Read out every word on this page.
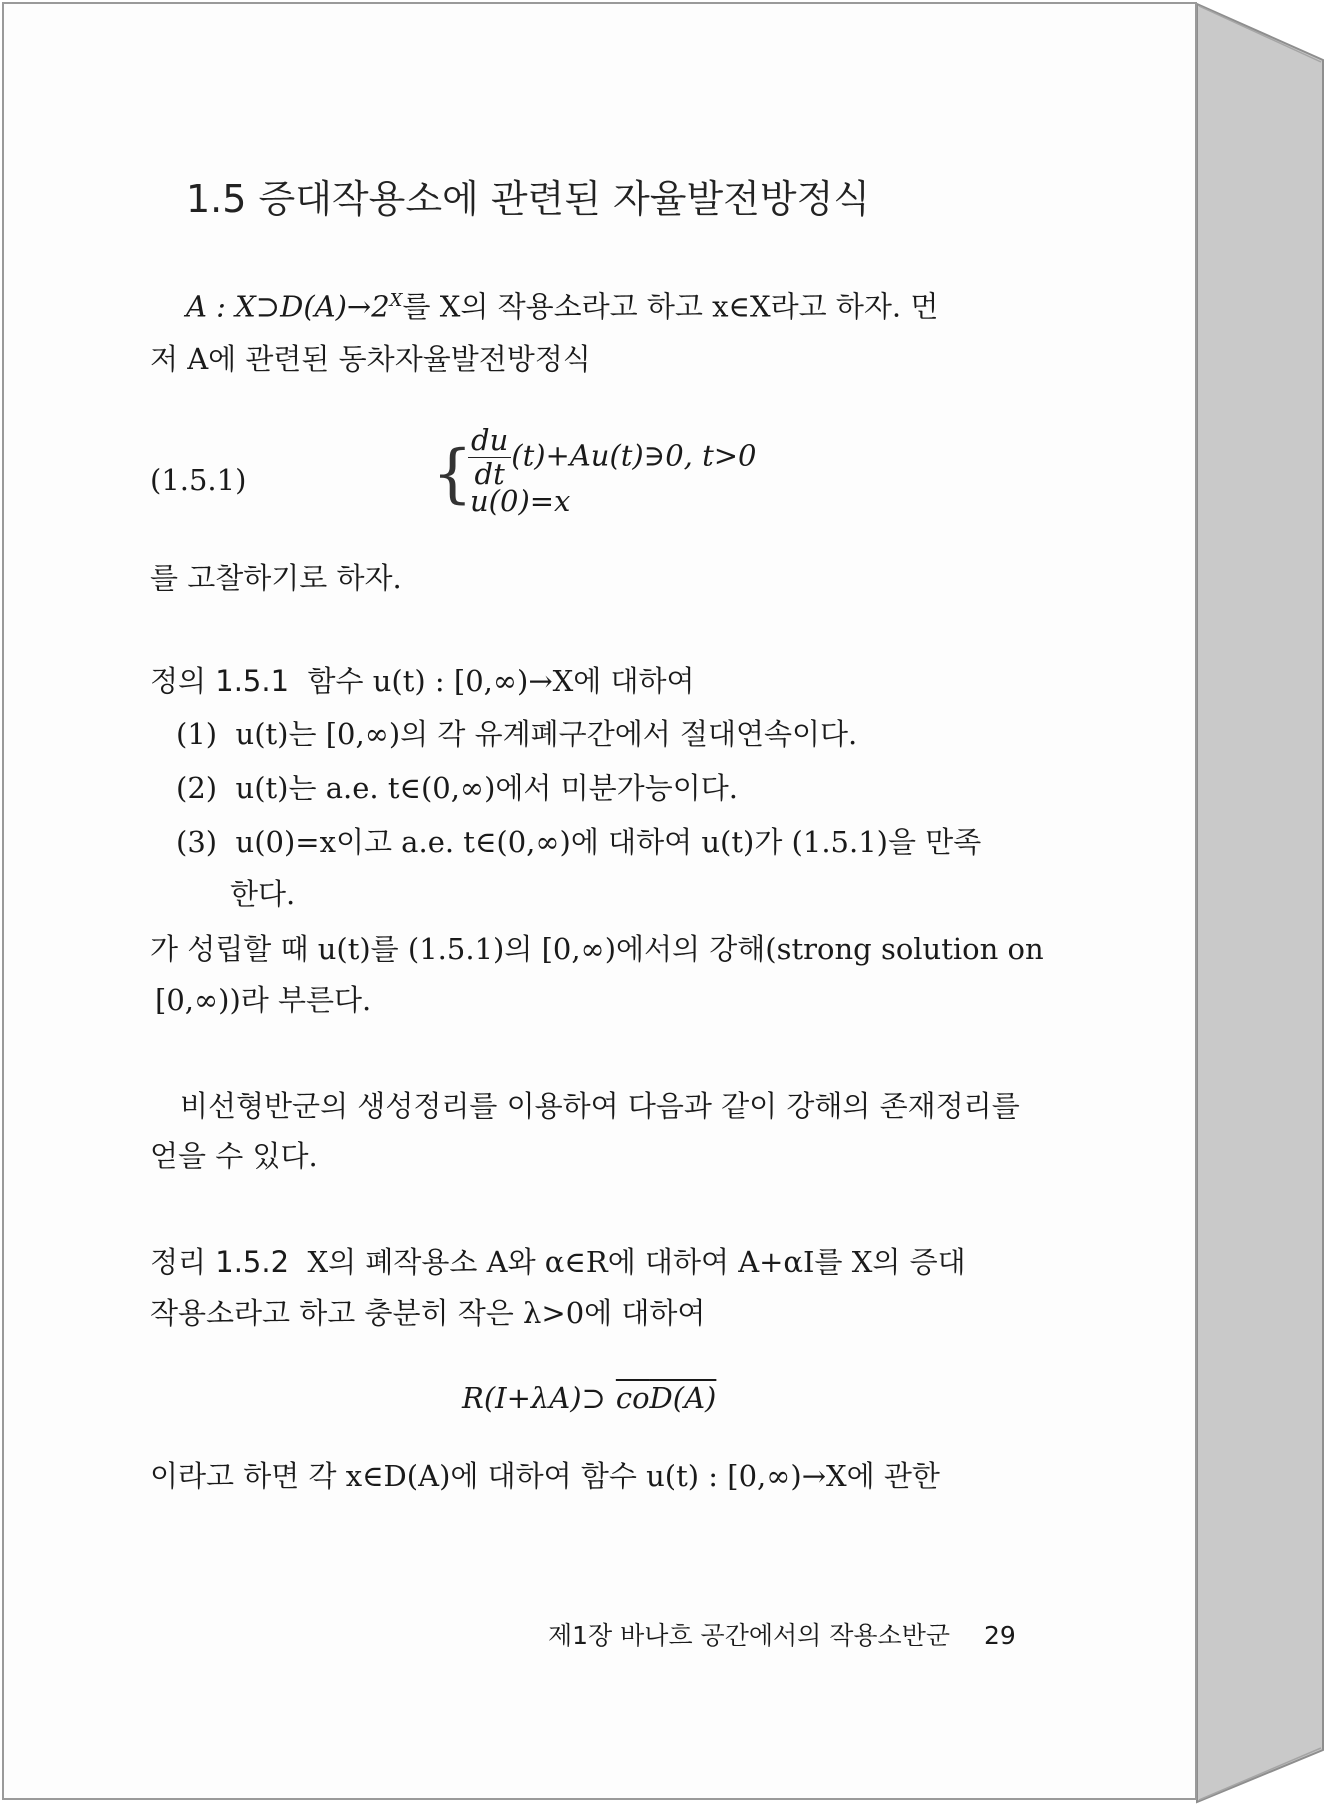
1.5 증대작용소에 관련된 자율발전방정식
A : $X⊃D(A)\to 2^X$를 X의 작용소라고 하고 x∈X라고 하자. 먼
저 A에 관련된 동차자율발전방정식
(1.5.1)	{
$\frac{du}{dt}$ (t)+Au(t)∋0, t>0
u(0)=x
를 고찰하기로 하자.
정의 1.5.1 함수 u(t) : [0,∞)→X에 대하여
(1) u(t)는 [0,∞)의 각 유계폐구간에서 절대연속이다.
(2) u(t)는 a.e. t∈(0,∞)에서 미분가능이다.
(3) u(0)=x이고 a.e. t∈(0,∞)에 대하여 u(t)가 (1.5.1)을 만족
한다.
가 성립할 때 u(t)를 (1.5.1)의 [0,∞)에서의 강해(strong solution on
[0,∞))라 부른다.
비선형반군의 생성정리를 이용하여 다음과 같이 강해의 존재정리를
얻을 수 있다.
정리 1.5.2 X의 폐작용소 A와 α∈R에 대하여 A+αI를 X의 증대
작용소라고 하고 충분히 작은 λ>0에 대하여
R(I+λA)⊃ coD(A)
이라고 하면 각 x∈D(A)에 대하여 함수 u(t) : [0,∞)→X에 관한
제1장 바나흐 공간에서의 작용소반군 29
